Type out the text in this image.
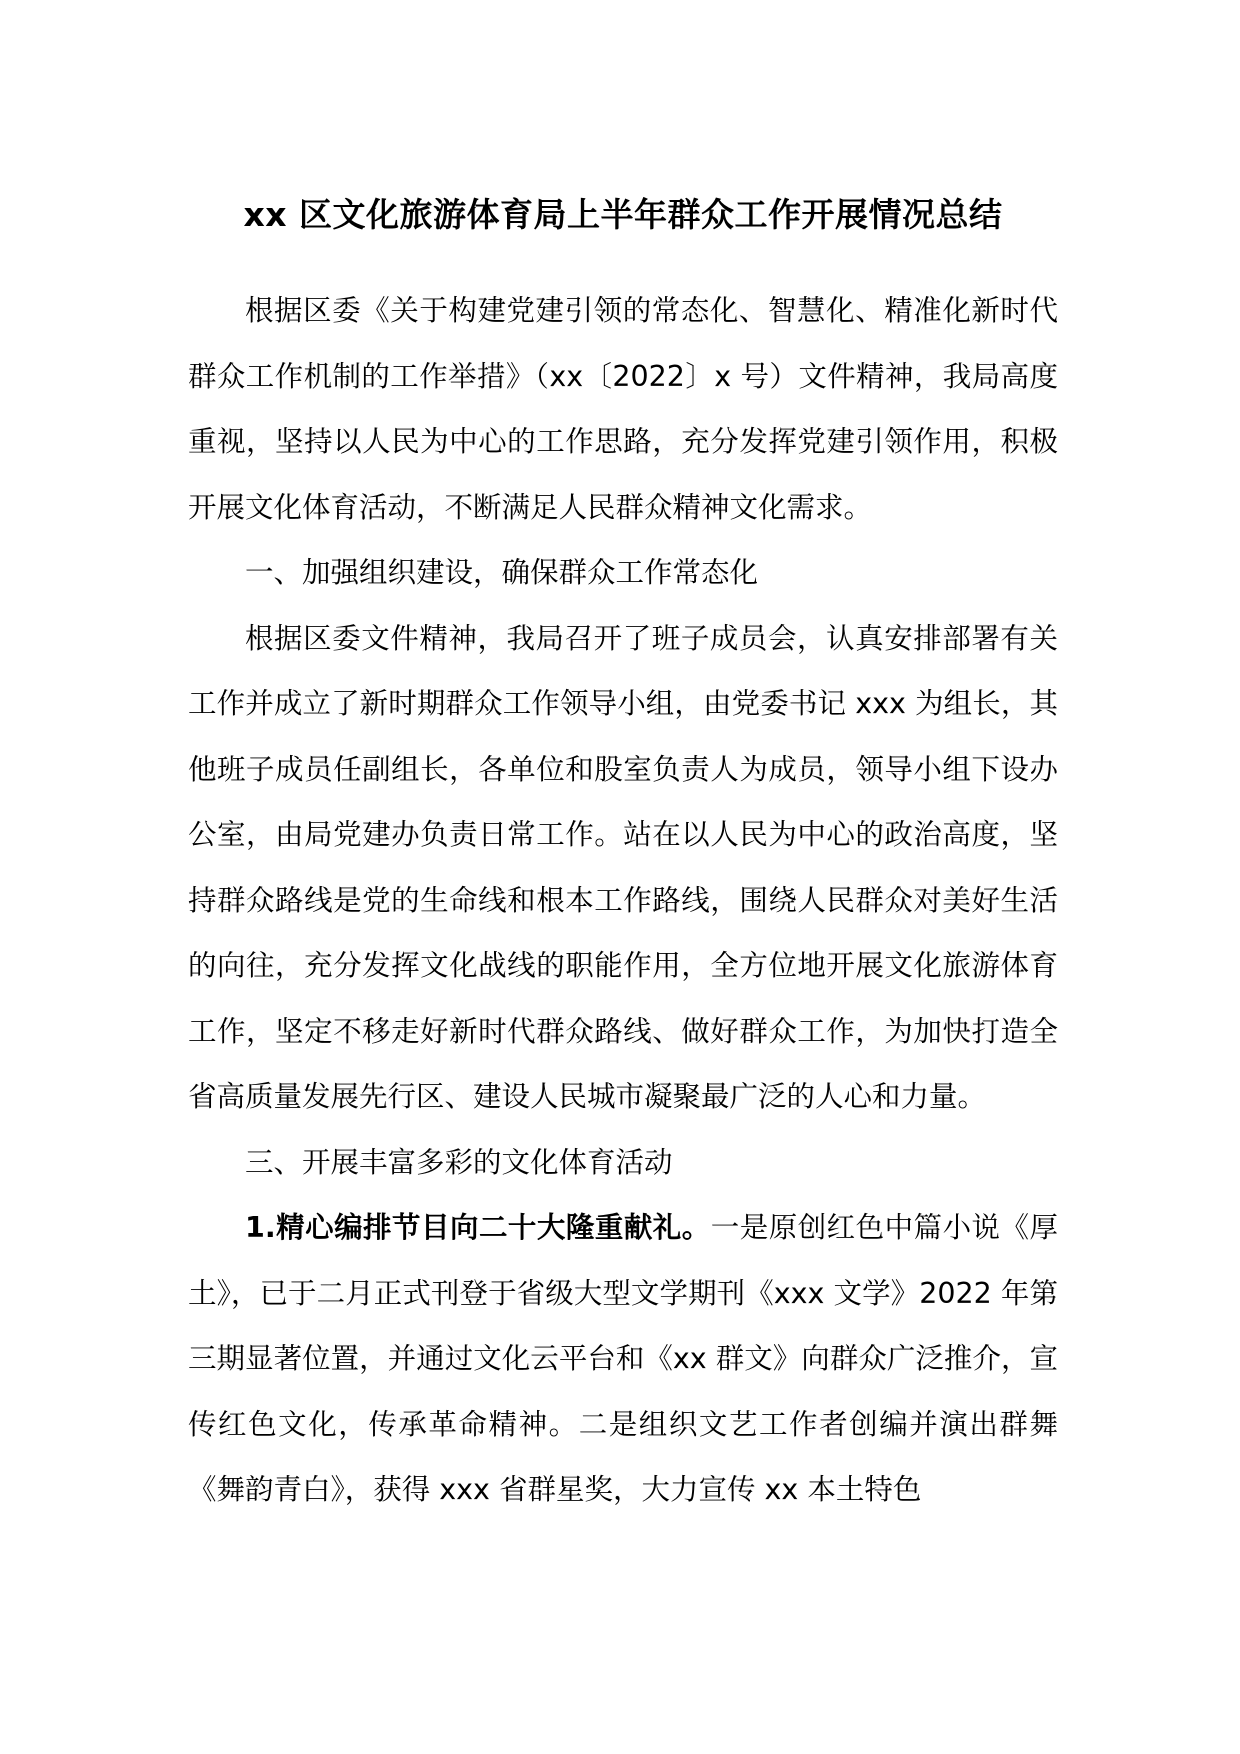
xx 区文化旅游体育局上半年群众工作开展情况总结

根据区委《关于构建党建引领的常态化、智慧化、精准化新时代群众工作机制的工作举措》（xx〔2022〕x 号）文件精神，我局高度重视，坚持以人民为中心的工作思路，充分发挥党建引领作用，积极开展文化体育活动，不断满足人民群众精神文化需求。

一、加强组织建设，确保群众工作常态化

根据区委文件精神，我局召开了班子成员会，认真安排部署有关工作并成立了新时期群众工作领导小组，由党委书记 xxx 为组长，其他班子成员任副组长，各单位和股室负责人为成员，领导小组下设办公室，由局党建办负责日常工作。站在以人民为中心的政治高度，坚持群众路线是党的生命线和根本工作路线，围绕人民群众对美好生活的向往，充分发挥文化战线的职能作用，全方位地开展文化旅游体育工作，坚定不移走好新时代群众路线、做好群众工作，为加快打造全省高质量发展先行区、建设人民城市凝聚最广泛的人心和力量。

三、开展丰富多彩的文化体育活动

1.精心编排节目向二十大隆重献礼。一是原创红色中篇小说《厚土》，已于二月正式刊登于省级大型文学期刊《xxx 文学》2022 年第三期显著位置，并通过文化云平台和《xx 群文》向群众广泛推介，宣传红色文化，传承革命精神。二是组织文艺工作者创编并演出群舞《舞韵青白》，获得 xxx 省群星奖，大力宣传 xx 本土特色
